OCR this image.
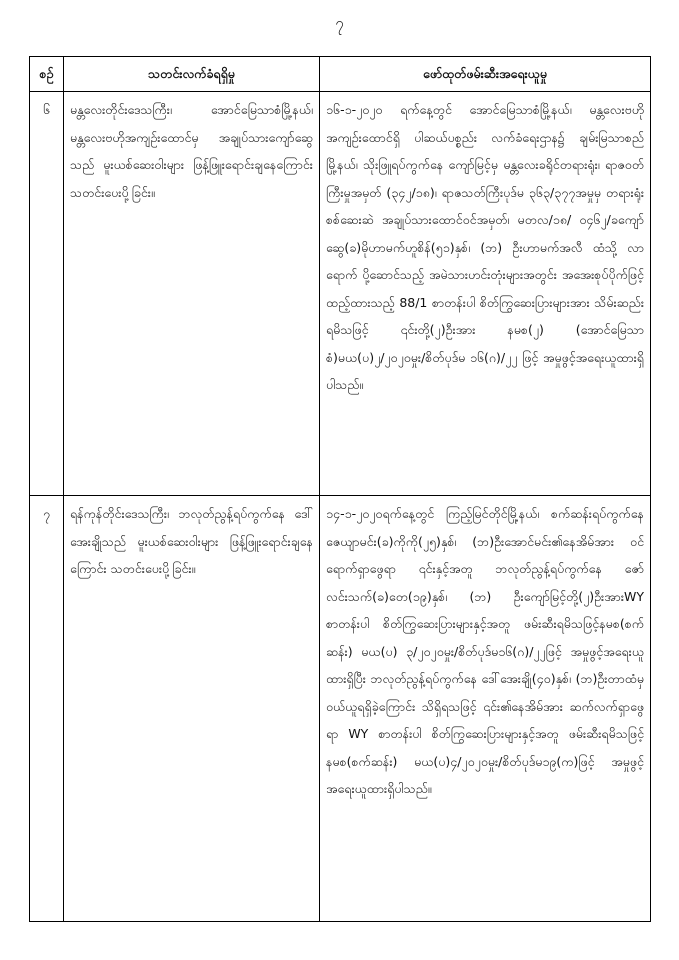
၇
စဉ်	သတင်းလက်ခံရရှိမှု	ဖော်ထုတ်ဖမ်းဆီးအရေးယူမှု
၆	မန္တလေးတိုင်းဒေသကြီး၊ အောင်မြေသာစံမြို့နယ်၊ မန္တလေးဗဟိုအကျဉ်းထောင်မှ အချုပ်သားကျော်ဆွေသည် မူးယစ်ဆေးဝါးများ ဖြန့်ဖြူးရောင်းချနေကြောင်း သတင်းပေးပို့ခြင်း။	၁၆-၁-၂၀၂၀ ရက်နေ့တွင် အောင်မြေသာစံမြို့နယ်၊ မန္တလေးဗဟိုအကျဉ်းထောင်ရှိ ပါဆယ်ပစ္စည်း လက်ခံရေးဌာန၌ ချမ်းမြသာစည်မြို့နယ်၊ သိုးဖြူရပ်ကွက်နေ ကျော်မြင့်မှ မန္တလေးခရိုင်တရားရုံး၊ ရာဇဝတ်ကြီးမှုအမှတ် (၃၄၂/၁၈)၊ ရာဇသတ်ကြီးပုဒ်မ ၃၆၃/၃၇၇အမှုမှ တရားရုံးစစ်ဆေးဆဲ အချုပ်သားထောင်ဝင်အမှတ်၊ မတလ/၁၈/ ၀၄၆၂/ခကျော်ဆွေ(ခ)မိုဟာမက်ဟူစိန်(၅၁)နှစ်၊ (ဘ) ဦးဟာမက်အလီ ထံသို့ လာရောက် ပို့ဆောင်သည့် အမဲသားဟင်းတုံးများအတွင်း အအေးစုပ်ပိုက်ဖြင့် ထည့်ထားသည့် 88/1 စာတန်းပါ စိတ်ကြွဆေးပြားများအား သိမ်းဆည်းရမိသဖြင့် ၎င်းတို့(၂)ဦးအား နမစ(၂) (အောင်မြေသာစံ)မယ(ပ)၂/၂၀၂၀မှုး/စိတ်ပုဒ်မ ၁၆(ဂ)/၂၂ ဖြင့် အမှုဖွင့်အရေးယူထားရှိပါသည်။
၇	ရန်ကုန်တိုင်းဒေသကြီး၊ ဘလုတ်ညွန့်ရပ်ကွက်နေ ဒေါ်အေးချိုသည် မူးယစ်ဆေးဝါးများ ဖြန့်ဖြူးရောင်းချနေကြောင်း သတင်းပေးပို့ခြင်း။	၁၄-၁-၂၀၂၀ရက်နေ့တွင် ကြည့်မြင်တိုင်မြို့နယ်၊ စက်ဆန်းရပ်ကွက်နေ ဇေယျာမင်း(ခ)ကိုကို(၂၅)နှစ်၊ (ဘ)ဦးအောင်မင်း၏နေအိမ်အား ဝင်ရောက်ရှာဖွေရာ ၎င်းနှင့်အတူ ဘလုတ်ညွန့်ရပ်ကွက်နေ ဇော်လင်းသက်(ခ)တေ(၁၉)နှစ်၊ (ဘ) ဦးကျော်မြင့်တို့(၂)ဦးအားWY စာတန်းပါ စိတ်ကြွဆေးပြားများနှင့်အတူ ဖမ်းဆီးရမိသဖြင့်နမစ(စက်ဆန်း) မယ(ပ) ၃/၂၀၂၀မှုး/စိတ်ပုဒ်မ၁၆(ဂ)/၂၂ဖြင့် အမှုဖွင့်အရေးယူထားရှိပြီး ဘလုတ်ညွန့်ရပ်ကွက်နေ ဒေါ်အေးချို(၄၀)နှစ်၊ (ဘ)ဦးတာထံမှ ဝယ်ယူရရှိခဲ့ကြောင်း သိရှိရသဖြင့် ၎င်း၏နေအိမ်အား ဆက်လက်ရှာဖွေရာ WY စာတန်းပါ စိတ်ကြွဆေးပြားများနှင့်အတူ ဖမ်းဆီးရမိသဖြင့် နမစ(စက်ဆန်း) မယ(ပ)၄/၂၀၂၀မှုး/စိတ်ပုဒ်မ၁၉(က)ဖြင့် အမှုဖွင့်အရေးယူထားရှိပါသည်။
